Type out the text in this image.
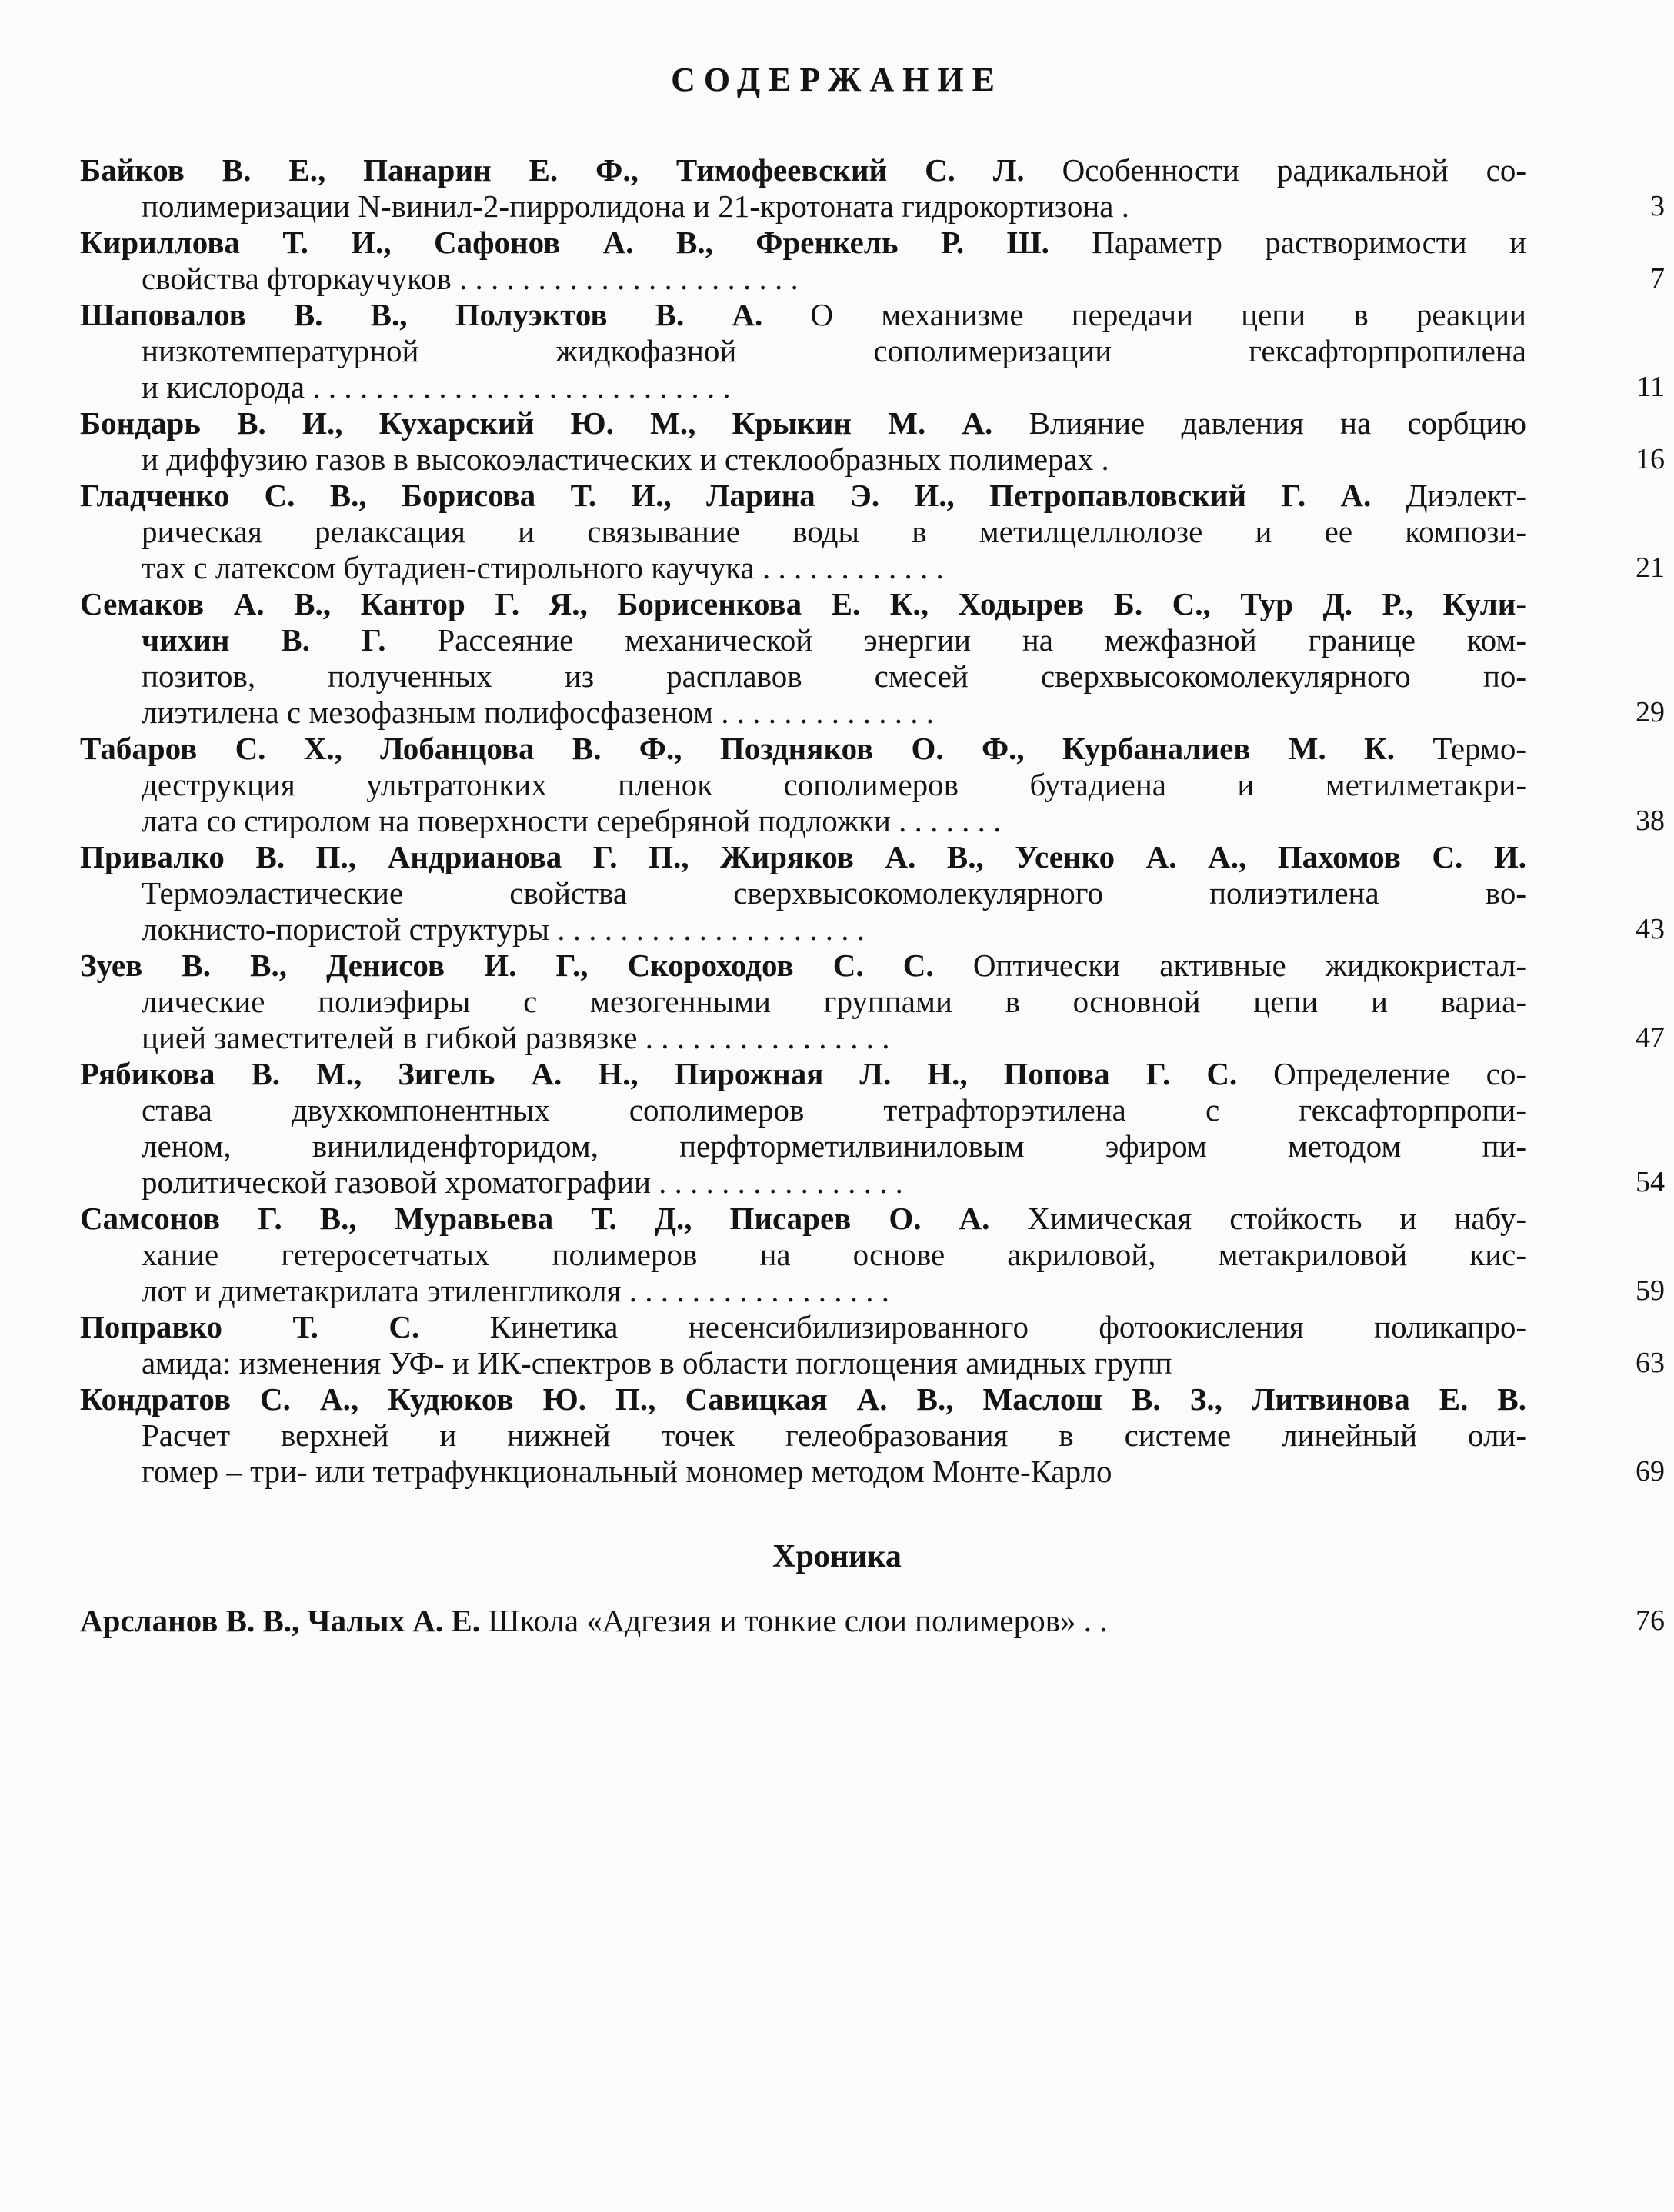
СОДЕРЖАНИЕ
Байков В. Е., Панарин Е. Ф., Тимофеевский С. Л. Особенности радикальной со-
полимеризации N-винил-2-пирролидона и 21-кротоната гидрокортизона .	3
Кириллова Т. И., Сафонов А. В., Френкель Р. Ш. Параметр растворимости и
свойства фторкаучуков . . . . . . . . . . . . . . . . . . . . . .	7
Шаповалов В. В., Полуэктов В. А. О механизме передачи цепи в реакции
низкотемпературной жидкофазной сополимеризации гексафторпропилена
и кислорода . . . . . . . . . . . . . . . . . . . . . . . . . . .	11
Бондарь В. И., Кухарский Ю. М., Крыкин М. А. Влияние давления на сорбцию
и диффузию газов в высокоэластических и стеклообразных полимерах .	16
Гладченко С. В., Борисова Т. И., Ларина Э. И., Петропавловский Г. А. Диэлект-
рическая релаксация и связывание воды в метилцеллюлозе и ее компози-
тах с латексом бутадиен-стирольного каучука . . . . . . . . . . . .	21
Семаков А. В., Кантор Г. Я., Борисенкова Е. К., Ходырев Б. С., Тур Д. Р., Кули-
чихин В. Г. Рассеяние механической энергии на межфазной границе ком-
позитов, полученных из расплавов смесей сверхвысокомолекулярного по-
лиэтилена с мезофазным полифосфазеном . . . . . . . . . . . . . .	29
Табаров С. Х., Лобанцова В. Ф., Поздняков О. Ф., Курбаналиев М. К. Термо-
деструкция ультратонких пленок сополимеров бутадиена и метилметакри-
лата со стиролом на поверхности серебряной подложки . . . . . . .	38
Привалко В. П., Андрианова Г. П., Жиряков А. В., Усенко А. А., Пахомов С. И.
Термоэластические свойства сверхвысокомолекулярного полиэтилена во-
локнисто-пористой структуры . . . . . . . . . . . . . . . . . . . .	43
Зуев В. В., Денисов И. Г., Скороходов С. С. Оптически активные жидкокристал-
лические полиэфиры с мезогенными группами в основной цепи и вариа-
цией заместителей в гибкой развязке . . . . . . . . . . . . . . . .	47
Рябикова В. М., Зигель А. Н., Пирожная Л. Н., Попова Г. С. Определение со-
става двухкомпонентных сополимеров тетрафторэтилена с гексафторпропи-
леном, винилиденфторидом, перфторметилвиниловым эфиром методом пи-
ролитической газовой хроматографии . . . . . . . . . . . . . . . .	54
Самсонов Г. В., Муравьева Т. Д., Писарев О. А. Химическая стойкость и набу-
хание гетеросетчатых полимеров на основе акриловой, метакриловой кис-
лот и диметакрилата этиленгликоля . . . . . . . . . . . . . . . . .	59
Поправко Т. С. Кинетика несенсибилизированного фотоокисления поликапро-
амида: изменения УФ- и ИК-спектров в области поглощения амидных групп	63
Кондратов С. А., Кудюков Ю. П., Савицкая А. В., Маслош В. З., Литвинова Е. В.
Расчет верхней и нижней точек гелеобразования в системе линейный оли-
гомер – три- или тетрафункциональный мономер методом Монте-Карло	69
Хроника
Арсланов В. В., Чалых А. Е. Школа «Адгезия и тонкие слои полимеров» . .	76
